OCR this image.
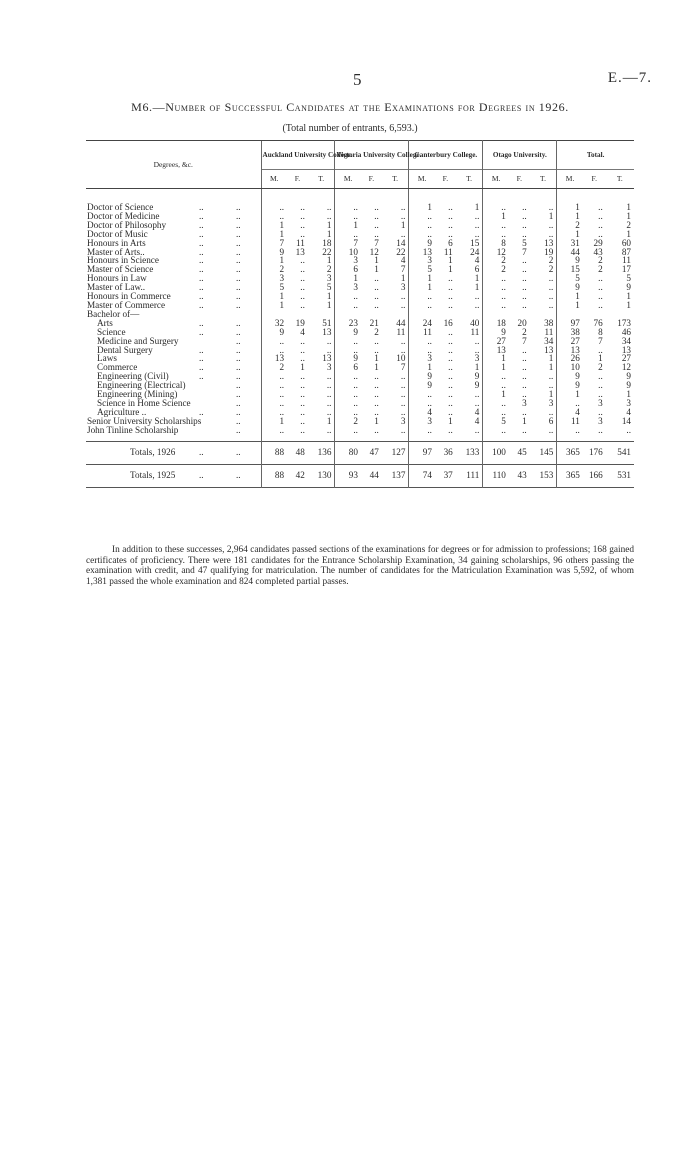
5	E.—7.
M6.—Number of Successful Candidates at the Examinations for Degrees in 1926.
(Total number of entrants, 6,593.)
Degrees, &c.	Auckland University College.			Victoria University College.			Canterbury College.			Otago University.			Total.		
	M.	F.	T.	M.	F.	T.	M.	F.	T.	M.	F.	T.	M.	F.	T.

Doctor of Science .. ..	..	..	..	..	..	..	1	..	1	..	..	..	1	..	1
Doctor of Medicine .. ..	..	..	..	..	..	..	..	..	..	1	..	1	1	..	1
Doctor of Philosophy .. ..	1	..	1	1	..	1	..	..	..	..	..	..	2	..	2
Doctor of Music .. ..	1	..	1	..	..	..	..	..	..	..	..	..	1	..	1
Honours in Arts .. ..	7	11	18	7	7	14	9	6	15	8	5	13	31	29	60
Master of Arts.. .. ..	9	13	22	10	12	22	13	11	24	12	7	19	44	43	87
Honours in Science .. ..	1	..	1	3	1	4	3	1	4	2	..	2	9	2	11
Master of Science .. ..	2	..	2	6	1	7	5	1	6	2	..	2	15	2	17
Honours in Law .. ..	3	..	3	1	..	1	1	..	1	..	..	..	5	..	5
Master of Law.. .. ..	5	..	5	3	..	3	1	..	1	..	..	..	9	..	9
Honours in Commerce .. ..	1	..	1	..	..	..	..	..	..	..	..	..	1	..	1
Master of Commerce .. ..	1	..	1	..	..	..	..	..	..	..	..	..	1	..	1
Bachelor of—															
Arts .. ..	32	19	51	23	21	44	24	16	40	18	20	38	97	76	173
Science .. ..	9	4	13	9	2	11	11	..	11	9	2	11	38	8	46
Medicine and Surgery ..	..	..	..	..	..	..	..	..	..	27	7	34	27	7	34
Dental Surgery .. ..	..	..	..	..	..	..	..	..	..	13	..	13	13	..	13
Laws .. ..	13	..	13	9	1	10	3	..	3	1	..	1	26	1	27
Commerce .. ..	2	1	3	6	1	7	1	..	1	1	..	1	10	2	12
Engineering (Civil) .. ..	..	..	..	..	..	..	9	..	9	..	..	..	9	..	9
Engineering (Electrical) ..	..	..	..	..	..	..	9	..	9	..	..	..	9	..	9
Engineering (Mining) ..	..	..	..	..	..	..	..	..	..	1	..	1	1	..	1
Science in Home Science ..	..	..	..	..	..	..	..	..	..	..	3	3	..	3	3
Agriculture .. .. ..	..	..	..	..	..	..	4	..	4	..	..	..	4	..	4
Senior University Scholarships ..	1	..	1	2	1	3	3	1	4	5	1	6	11	3	14
John Tinline Scholarship ..	..	..	..	..	..	..	..	..	..	..	..	..	..	..	..

Totals, 1926 .. ..	88	48	136	80	47	127	97	36	133	100	45	145	365	176	541

Totals, 1925 .. ..	88	42	130	93	44	137	74	37	111	110	43	153	365	166	531

In addition to these successes, 2,964 candidates passed sections of the examinations for degrees or for admission to professions; 168 gained certificates of proficiency. There were 181 candidates for the Entrance Scholarship Examination, 34 gaining scholarships, 96 others passing the examination with credit, and 47 qualifying for matriculation. The number of candidates for the Matriculation Examination was 5,592, of whom 1,381 passed the whole examination and 824 completed partial passes.
